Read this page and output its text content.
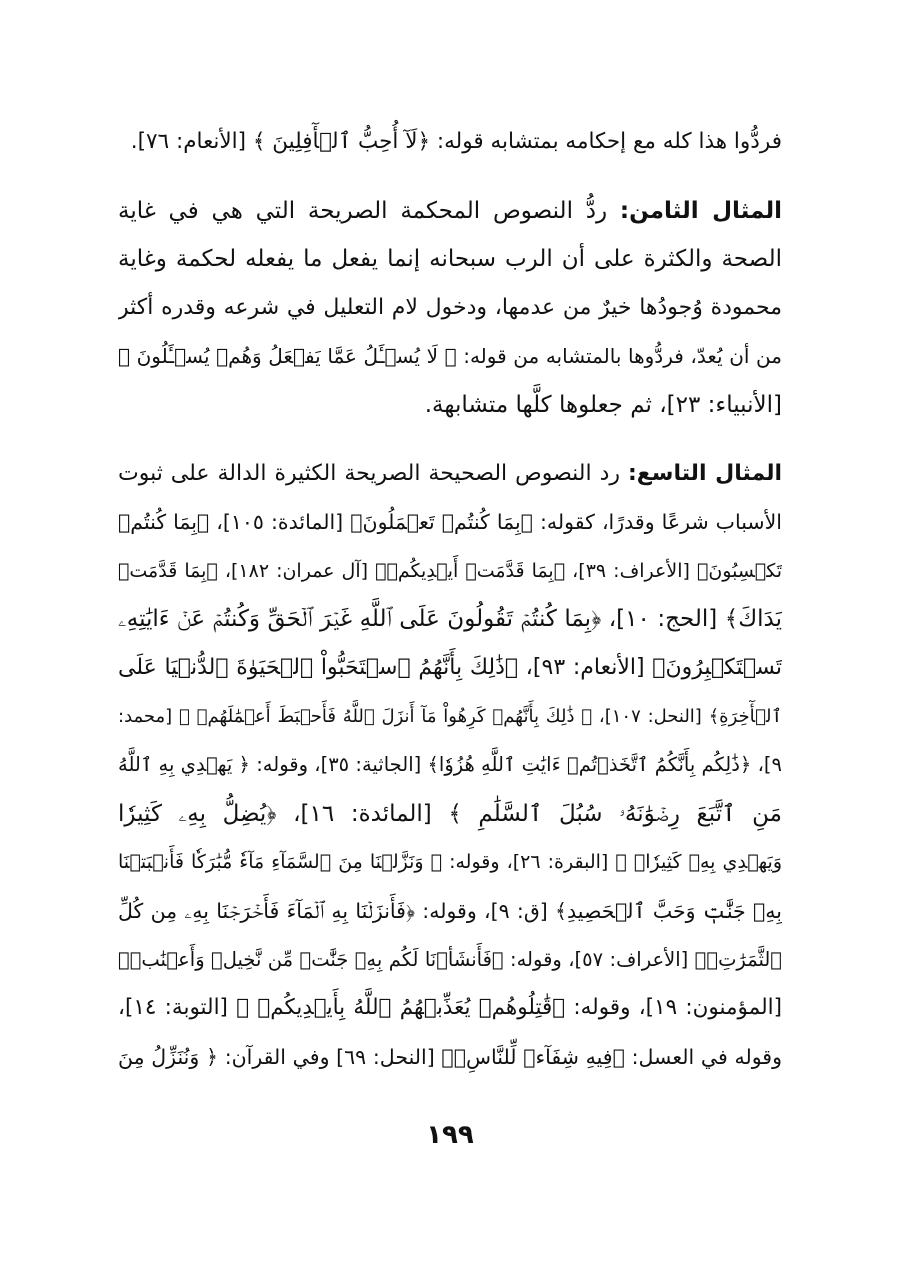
فردُّوا هذا كله مع إحكامه بمتشابه قوله: ﴿لَآ أُحِبُّ ٱلۡأٓفِلِينَ ﴾ [الأنعام: ٧٦].
المثال الثامن: ردُّ النصوص المحكمة الصريحة التي هي في غاية
الصحة والكثرة على أن الرب سبحانه إنما يفعل ما يفعله لحكمة وغاية
محمودة وُجودُها خيرٌ من عدمها، ودخول لام التعليل في شرعه وقدره أكثر
من أن يُعدّ، فردُّوها بالمتشابه من قوله: ﴿ لَا يُسۡـَٔلُ عَمَّا يَفۡعَلُ وَهُمۡ يُسۡـَٔلُونَ ﴾
[الأنبياء: ٢٣]، ثم جعلوها كلَّها متشابهة.
المثال التاسع: رد النصوص الصحيحة الصريحة الكثيرة الدالة على ثبوت
الأسباب شرعًا وقدرًا، كقوله: ﴿بِمَا كُنتُمۡ تَعۡمَلُونَ﴾ [المائدة: ١٠٥]، ﴿بِمَا كُنتُمۡ
تَكۡسِبُونَ﴾ [الأعراف: ٣٩]، ﴿بِمَا قَدَّمَتۡ أَيۡدِيكُمۡ﴾ [آل عمران: ١٨٢]، ﴿بِمَا قَدَّمَتۡ
يَدَاكَ﴾ [الحج: ١٠]، ﴿بِمَا كُنتُمۡ تَقُولُونَ عَلَى ٱللَّهِ غَيۡرَ ٱلۡحَقِّ وَكُنتُمۡ عَنۡ ءَايَٰتِهِۦ
تَسۡتَكۡبِرُونَ﴾ [الأنعام: ٩٣]، ﴿ذَٰلِكَ بِأَنَّهُمُ ٱسۡتَحَبُّواْ ٱلۡحَيَوٰةَ ٱلدُّنۡيَا عَلَى
ٱلۡأٓخِرَةِ﴾ [النحل: ١٠٧]، ﴿ ذَٰلِكَ بِأَنَّهُمۡ كَرِهُواْ مَآ أَنزَلَ ٱللَّهُ فَأَحۡبَطَ أَعۡمَٰلَهُمۡ ﴾ [محمد:
٩]، ﴿ذَٰلِكُم بِأَنَّكُمُ ٱتَّخَذۡتُمۡ ءَايَٰتِ ٱللَّهِ هُزُوٗا﴾ [الجاثية: ٣٥]، وقوله: ﴿ يَهۡدِي بِهِ ٱللَّهُ
مَنِ ٱتَّبَعَ رِضۡوَٰنَهُۥ سُبُلَ ٱلسَّلَٰمِ ﴾ [المائدة: ١٦]، ﴿يُضِلُّ بِهِۦ كَثِيرٗا
وَيَهۡدِي بِهِۦ كَثِيرٗاۚ ﴾ [البقرة: ٢٦]، وقوله: ﴿ وَنَزَّلۡنَا مِنَ ٱلسَّمَآءِ مَآءٗ مُّبَٰرَكٗا فَأَنۢبَتۡنَا
بِهِۦ جَنَّٰتٖ وَحَبَّ ٱلۡحَصِيدِ﴾ [ق: ٩]، وقوله: ﴿فَأَنزَلۡنَا بِهِ ٱلۡمَآءَ فَأَخۡرَجۡنَا بِهِۦ مِن كُلِّ
ٱلثَّمَرَٰتِۚ﴾ [الأعراف: ٥٧]، وقوله: ﴿فَأَنشَأۡنَا لَكُم بِهِۦ جَنَّٰتٖ مِّن نَّخِيلٖ وَأَعۡنَٰبٖ﴾
[المؤمنون: ١٩]، وقوله: ﴿قَٰتِلُوهُمۡ يُعَذِّبۡهُمُ ٱللَّهُ بِأَيۡدِيكُمۡ ﴾ [التوبة: ١٤]،
وقوله في العسل: ﴿فِيهِ شِفَآءٞ لِّلنَّاسِۚ﴾ [النحل: ٦٩] وفي القرآن: ﴿ وَنُنَزِّلُ مِنَ
١٩٩
